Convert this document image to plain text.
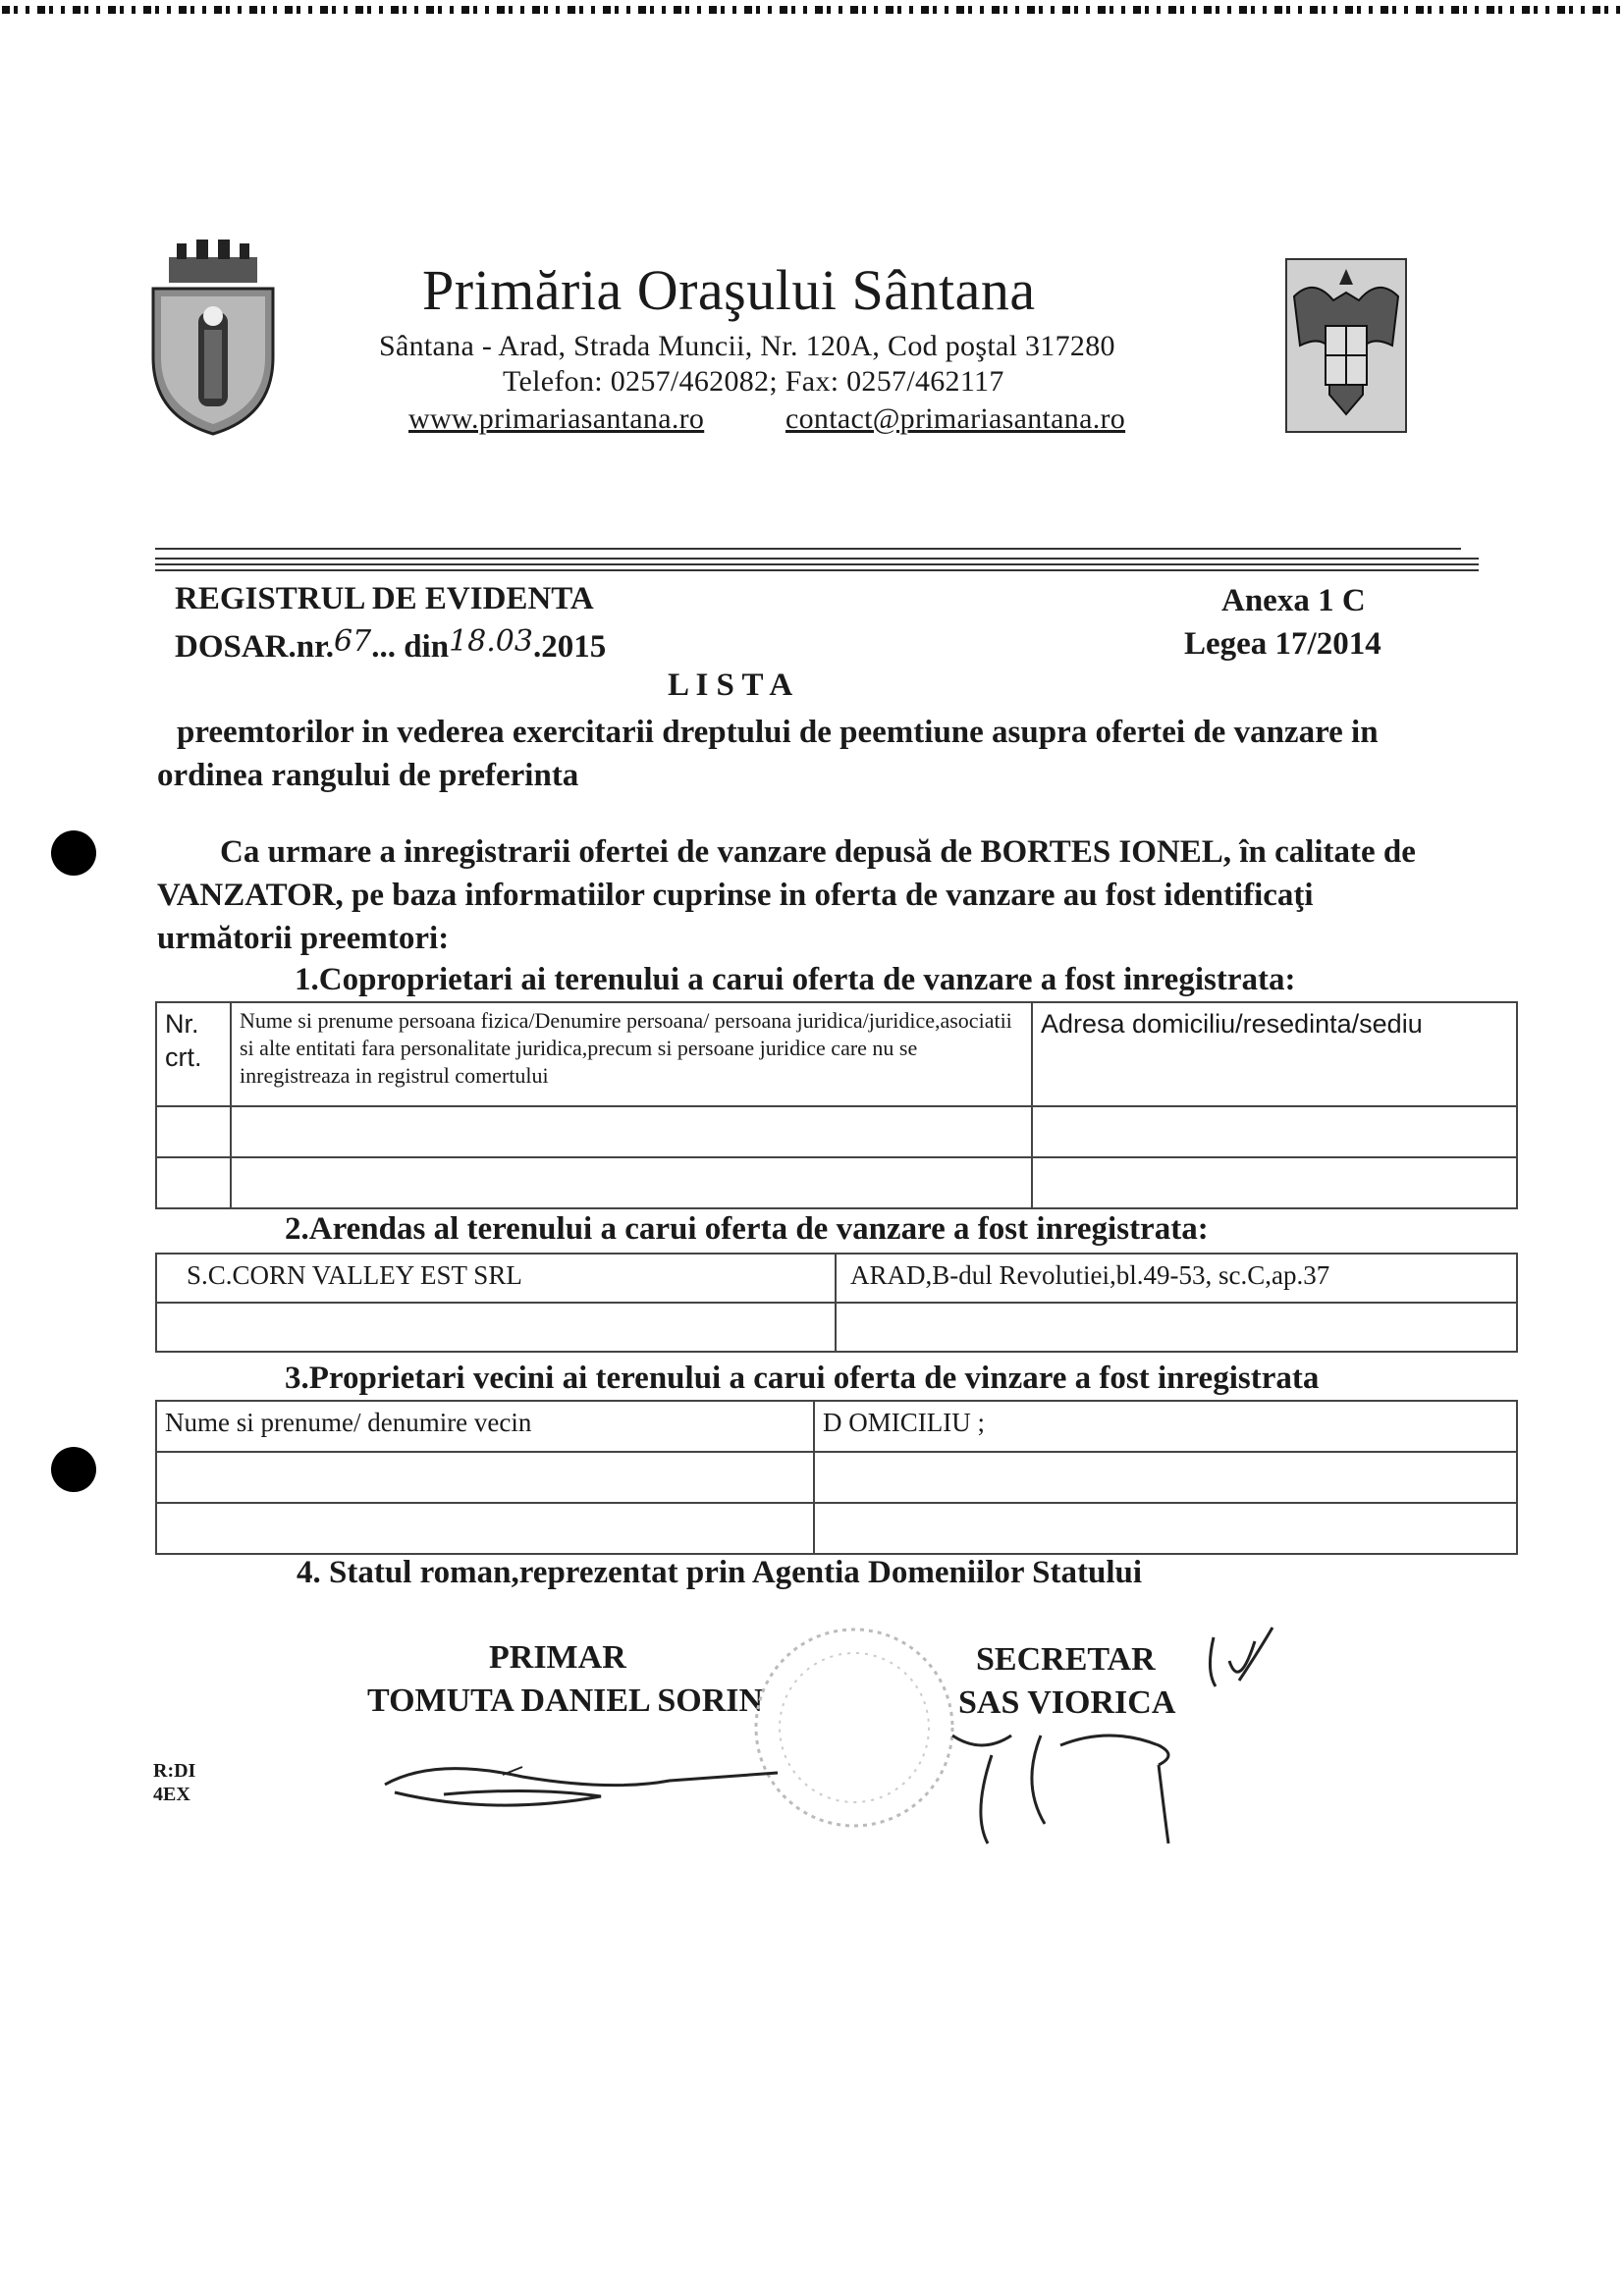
Primăria Oraşului Sântana
Sântana - Arad, Strada Muncii, Nr. 120A, Cod poştal 317280
Telefon: 0257/462082; Fax: 0257/462117
www.primariasantana.ro	contact@primariasantana.ro
REGISTRUL DE EVIDENTA
DOSAR.nr.67... din18.03.2015
Anexa 1 C
Legea 17/2014
L I S T A
preemtorilor in vederea exercitarii dreptului de peemtiune asupra ofertei de vanzare in ordinea rangului de preferinta
Ca urmare a inregistrarii ofertei de vanzare depusă de BORTES IONEL, în calitate de VANZATOR, pe baza informatiilor cuprinse in oferta de vanzare au fost identificaţi următorii preemtori:
1.Coproprietari ai terenului a carui oferta de vanzare a fost inregistrata:
Nr. crt.	Nume si prenume persoana fizica/Denumire persoana/ persoana juridica/juridice,asociatii si alte entitati fara personalitate juridica,precum si persoane juridice care nu se inregistreaza in registrul comertului	Adresa domiciliu/resedinta/sediu

2.Arendas al terenului a carui oferta de vanzare a fost inregistrata:
S.C.CORN VALLEY EST SRL	ARAD,B-dul Revolutiei,bl.49-53, sc.C,ap.37

3.Proprietari vecini ai terenului a carui oferta de vinzare a fost inregistrata
Nume si prenume/ denumire vecin	D OMICILIU ;

4. Statul roman,reprezentat prin Agentia Domeniilor Statului
PRIMAR
TOMUTA DANIEL SORIN
SECRETAR
SAS VIORICA
R:DI
4EX
